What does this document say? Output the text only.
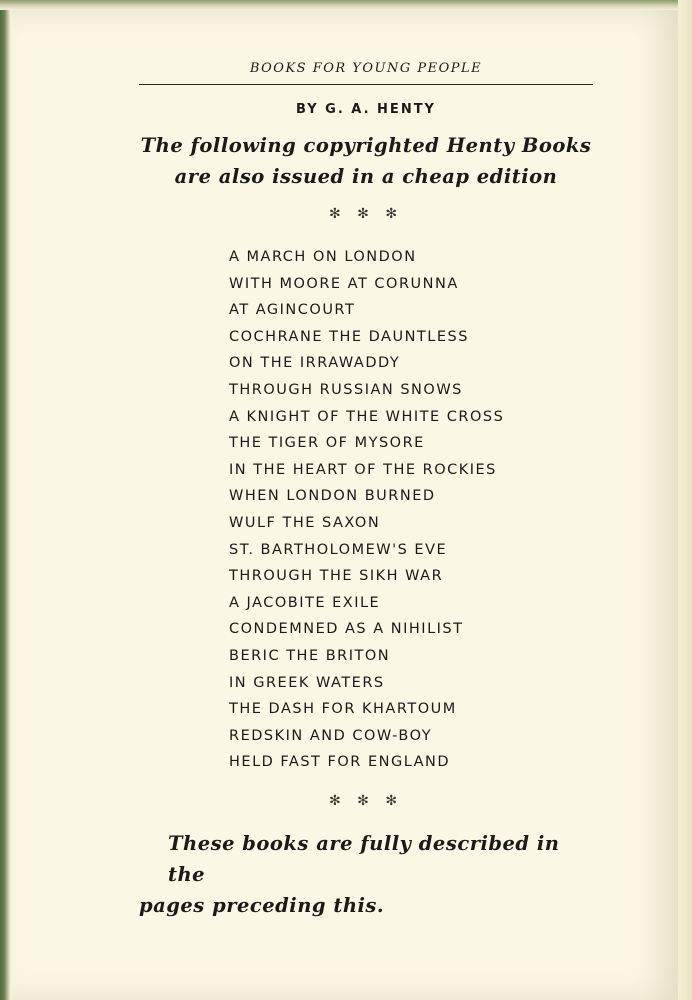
BOOKS FOR YOUNG PEOPLE
BY G. A. HENTY
The following copyrighted Henty Books
are also issued in a cheap edition
✻ ✻ ✻
A MARCH ON LONDON
WITH MOORE AT CORUNNA
AT AGINCOURT
COCHRANE THE DAUNTLESS
ON THE IRRAWADDY
THROUGH RUSSIAN SNOWS
A KNIGHT OF THE WHITE CROSS
THE TIGER OF MYSORE
IN THE HEART OF THE ROCKIES
WHEN LONDON BURNED
WULF THE SAXON
ST. BARTHOLOMEW'S EVE
THROUGH THE SIKH WAR
A JACOBITE EXILE
CONDEMNED AS A NIHILIST
BERIC THE BRITON
IN GREEK WATERS
THE DASH FOR KHARTOUM
REDSKIN AND COW-BOY
HELD FAST FOR ENGLAND
✻ ✻ ✻
These books are fully described in the
pages preceding this.
